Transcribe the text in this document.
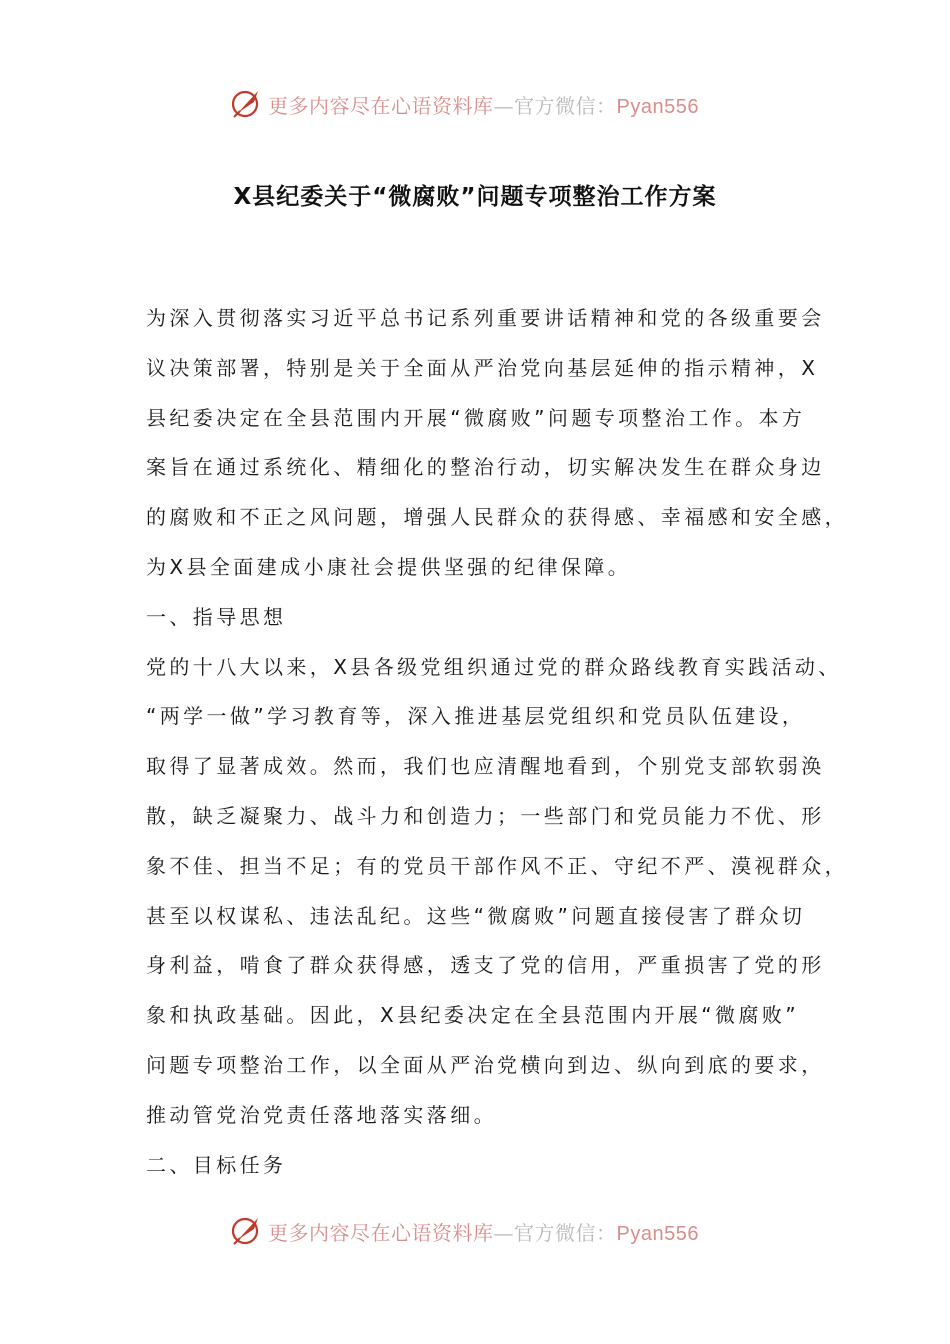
更多内容尽在心语资料库—官方微信：Pyan556
X县纪委关于“微腐败”问题专项整治工作方案
为深入贯彻落实习近平总书记系列重要讲话精神和党的各级重要会
议决策部署，特别是关于全面从严治党向基层延伸的指示精神，X
县纪委决定在全县范围内开展“微腐败”问题专项整治工作。本方
案旨在通过系统化、精细化的整治行动，切实解决发生在群众身边
的腐败和不正之风问题，增强人民群众的获得感、幸福感和安全感，
为X县全面建成小康社会提供坚强的纪律保障。
一、指导思想
党的十八大以来，X县各级党组织通过党的群众路线教育实践活动、
“两学一做”学习教育等，深入推进基层党组织和党员队伍建设，
取得了显著成效。然而，我们也应清醒地看到，个别党支部软弱涣
散，缺乏凝聚力、战斗力和创造力；一些部门和党员能力不优、形
象不佳、担当不足；有的党员干部作风不正、守纪不严、漠视群众，
甚至以权谋私、违法乱纪。这些“微腐败”问题直接侵害了群众切
身利益，啃食了群众获得感，透支了党的信用，严重损害了党的形
象和执政基础。因此，X县纪委决定在全县范围内开展“微腐败”
问题专项整治工作，以全面从严治党横向到边、纵向到底的要求，
推动管党治党责任落地落实落细。
二、目标任务
更多内容尽在心语资料库—官方微信：Pyan556
